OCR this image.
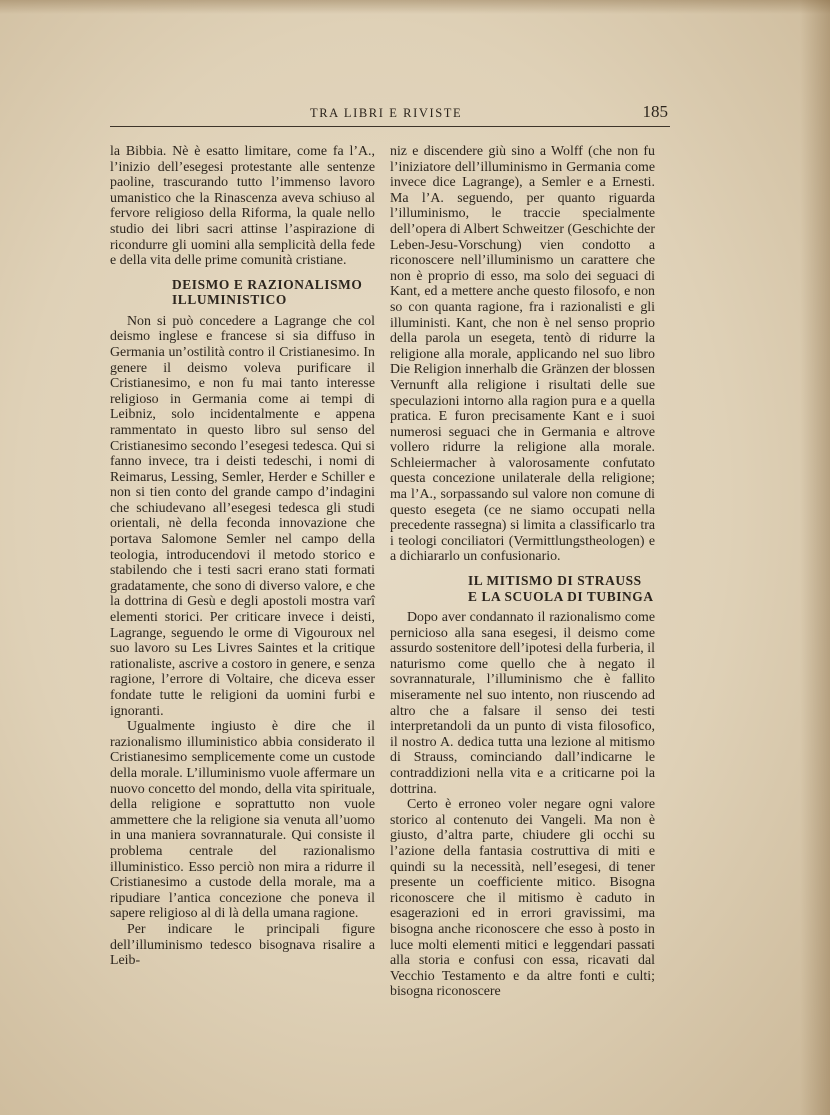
TRA LIBRI E RIVISTE	185

la Bibbia. Nè è esatto limitare, come fa l’A., l’inizio dell’esegesi protestante alle sentenze paoline, trascurando tutto l’immenso lavoro umanistico che la Rinascenza aveva schiuso al fervore religioso della Riforma, la quale nello studio dei libri sacri attinse l’aspirazione di ricondurre gli uomini alla semplicità della fede e della vita delle prime comunità cristiane.

DEISMO E RAZIONALISMO ILLUMINISTICO

Non si può concedere a Lagrange che col deismo inglese e francese si sia diffuso in Germania un’ostilità contro il Cristianesimo. In genere il deismo voleva purificare il Cristianesimo, e non fu mai tanto interesse religioso in Germania come ai tempi di Leibniz, solo incidentalmente e appena rammentato in questo libro sul senso del Cristianesimo secondo l’esegesi tedesca. Qui si fanno invece, tra i deisti tedeschi, i nomi di Reimarus, Lessing, Semler, Herder e Schiller e non si tien conto del grande campo d’indagini che schiudevano all’esegesi tedesca gli studi orientali, nè della feconda innovazione che portava Salomone Semler nel campo della teologia, introducendovi il metodo storico e stabilendo che i testi sacri erano stati formati gradatamente, che sono di diverso valore, e che la dottrina di Gesù e degli apostoli mostra varî elementi storici. Per criticare invece i deisti, Lagrange, seguendo le orme di Vigouroux nel suo lavoro su Les Livres Saintes et la critique rationaliste, ascrive a costoro in genere, e senza ragione, l’errore di Voltaire, che diceva esser fondate tutte le religioni da uomini furbi e ignoranti.

Ugualmente ingiusto è dire che il razionalismo illuministico abbia considerato il Cristianesimo semplicemente come un custode della morale. L’illuminismo vuole affermare un nuovo concetto del mondo, della vita spirituale, della religione e soprattutto non vuole ammettere che la religione sia venuta all’uomo in una maniera sovrannaturale. Qui consiste il problema centrale del razionalismo illuministico. Esso perciò non mira a ridurre il Cristianesimo a custode della morale, ma a ripudiare l’antica concezione che poneva il sapere religioso al di là della umana ragione.

Per indicare le principali figure dell’illuminismo tedesco bisognava risalire a Leib-

niz e discendere giù sino a Wolff (che non fu l’iniziatore dell’illuminismo in Germania come invece dice Lagrange), a Semler e a Ernesti. Ma l’A. seguendo, per quanto riguarda l’illuminismo, le traccie specialmente dell’opera di Albert Schweitzer (Geschichte der Leben-Jesu-Vorschung) vien condotto a riconoscere nell’illuminismo un carattere che non è proprio di esso, ma solo dei seguaci di Kant, ed a mettere anche questo filosofo, e non so con quanta ragione, fra i razionalisti e gli illuministi. Kant, che non è nel senso proprio della parola un esegeta, tentò di ridurre la religione alla morale, applicando nel suo libro Die Religion innerhalb die Gränzen der blossen Vernunft alla religione i risultati delle sue speculazioni intorno alla ragion pura e a quella pratica. E furon precisamente Kant e i suoi numerosi seguaci che in Germania e altrove vollero ridurre la religione alla morale. Schleiermacher à valorosamente confutato questa concezione unilaterale della religione; ma l’A., sorpassando sul valore non comune di questo esegeta (ce ne siamo occupati nella precedente rassegna) si limita a classificarlo tra i teologi conciliatori (Vermittlungstheologen) e a dichiararlo un confusionario.

IL MITISMO DI STRAUSS E LA SCUOLA DI TUBINGA

Dopo aver condannato il razionalismo come pernicioso alla sana esegesi, il deismo come assurdo sostenitore dell’ipotesi della furberia, il naturismo come quello che à negato il sovrannaturale, l’illuminismo che è fallito miseramente nel suo intento, non riuscendo ad altro che a falsare il senso dei testi interpretandoli da un punto di vista filosofico, il nostro A. dedica tutta una lezione al mitismo di Strauss, cominciando dall’indicarne le contraddizioni nella vita e a criticarne poi la dottrina.

Certo è erroneo voler negare ogni valore storico al contenuto dei Vangeli. Ma non è giusto, d’altra parte, chiudere gli occhi su l’azione della fantasia costruttiva di miti e quindi su la necessità, nell’esegesi, di tener presente un coefficiente mitico. Bisogna riconoscere che il mitismo è caduto in esagerazioni ed in errori gravissimi, ma bisogna anche riconoscere che esso à posto in luce molti elementi mitici e leggendari passati alla storia e confusi con essa, ricavati dal Vecchio Testamento e da altre fonti e culti; bisogna riconoscere
